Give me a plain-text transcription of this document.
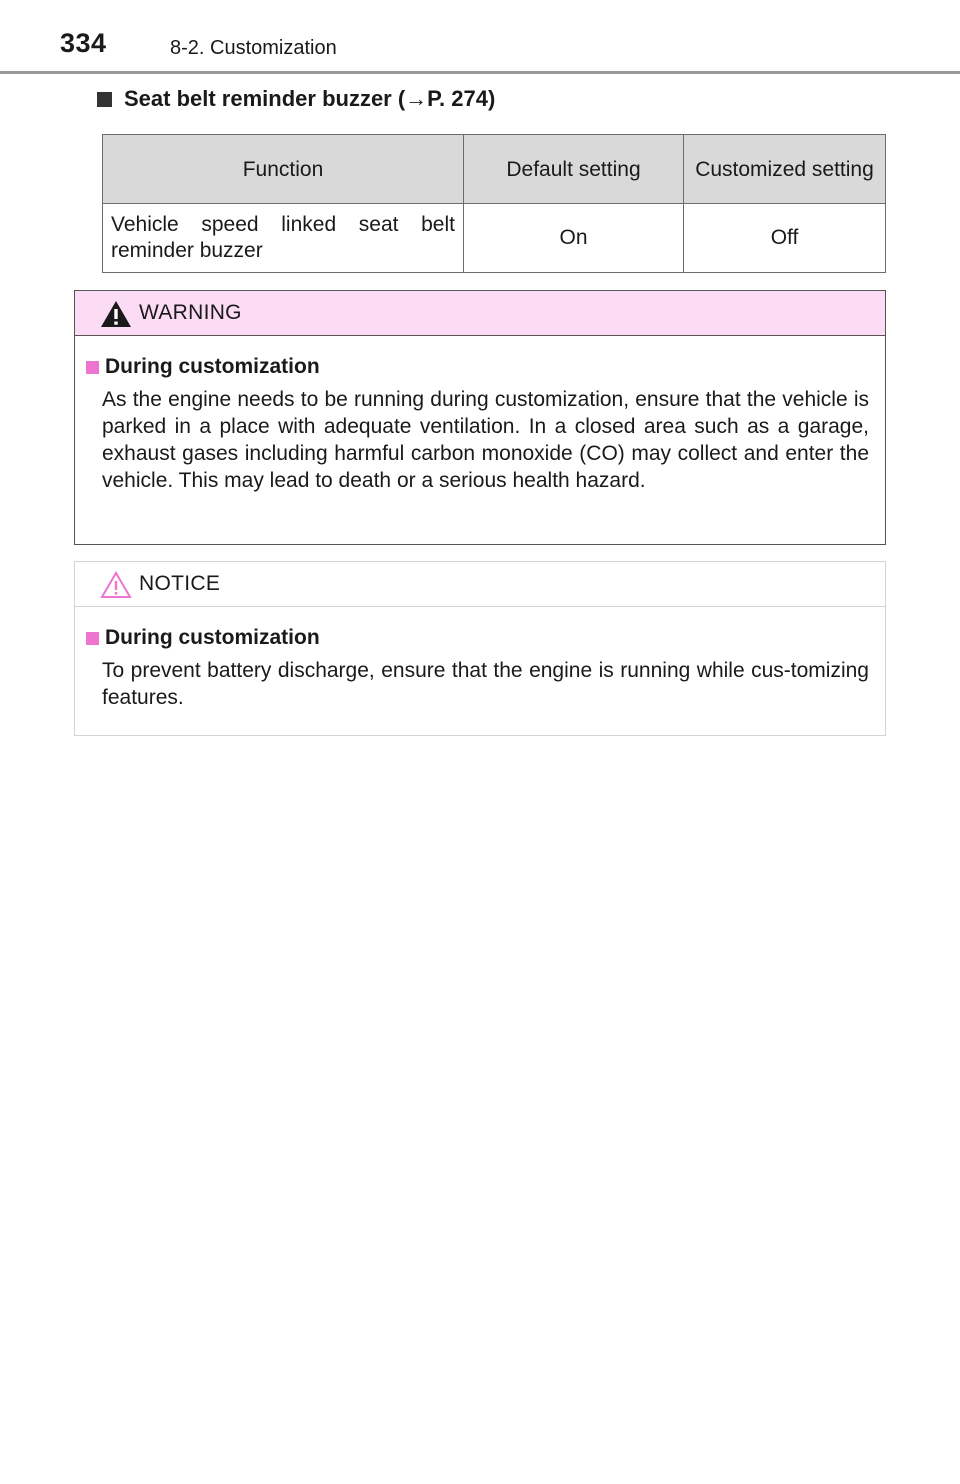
334	8-2. Customization
Seat belt reminder buzzer (→P. 274)
Function	Default setting	Customized setting
Vehicle speed linked seat belt reminder buzzer	On	Off
WARNING
During customization

As the engine needs to be running during customization, ensure that the vehicle is parked in a place with adequate ventilation. In a closed area such as a garage, exhaust gases including harmful carbon monoxide (CO) may collect and enter the vehicle. This may lead to death or a serious health hazard.

NOTICE
During customization

To prevent battery discharge, ensure that the engine is running while cus-tomizing features.
